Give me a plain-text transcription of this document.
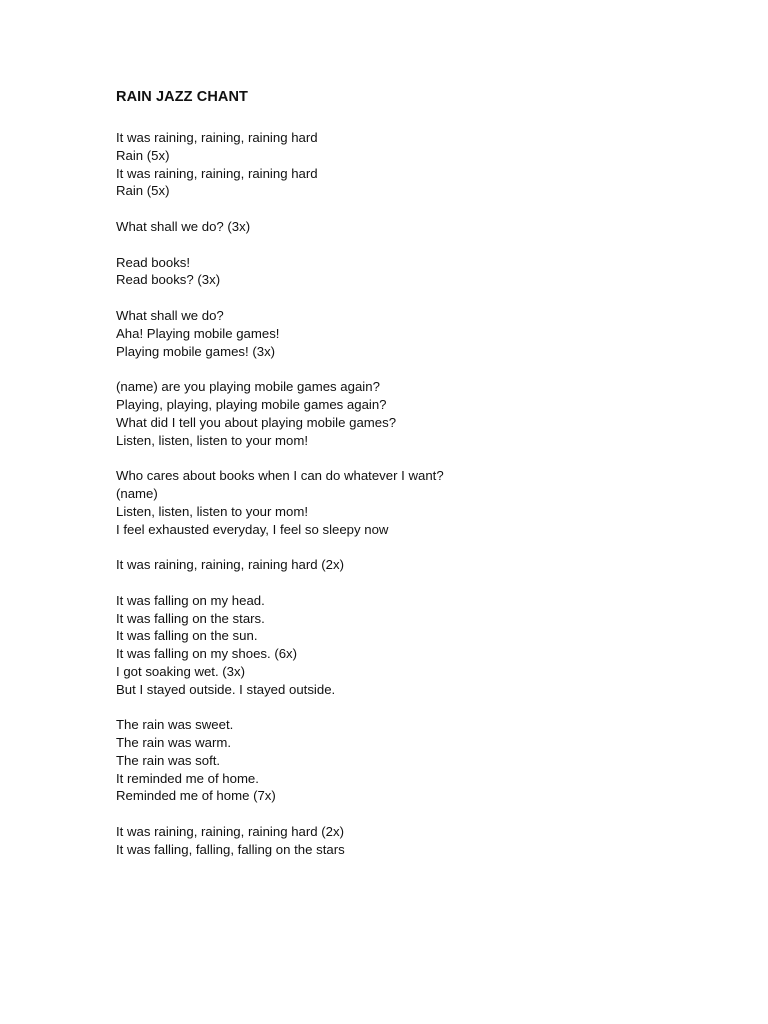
RAIN JAZZ CHANT
It was raining, raining, raining hard
Rain (5x)
It was raining, raining, raining hard
Rain (5x)
What shall we do? (3x)
Read books!
Read books? (3x)
What shall we do?
Aha! Playing mobile games!
Playing mobile games! (3x)
(name) are you playing mobile games again?
Playing, playing, playing mobile games again?
What did I tell you about playing mobile games?
Listen, listen, listen to your mom!
Who cares about books when I can do whatever I want?
(name)
Listen, listen, listen to your mom!
I feel exhausted everyday, I feel so sleepy now
It was raining, raining, raining hard (2x)
It was falling on my head.
It was falling on the stars.
It was falling on the sun.
It was falling on my shoes. (6x)
I got soaking wet. (3x)
But I stayed outside. I stayed outside.
The rain was sweet.
The rain was warm.
The rain was soft.
It reminded me of home.
Reminded me of home (7x)
It was raining, raining, raining hard (2x)
It was falling, falling, falling on the stars
